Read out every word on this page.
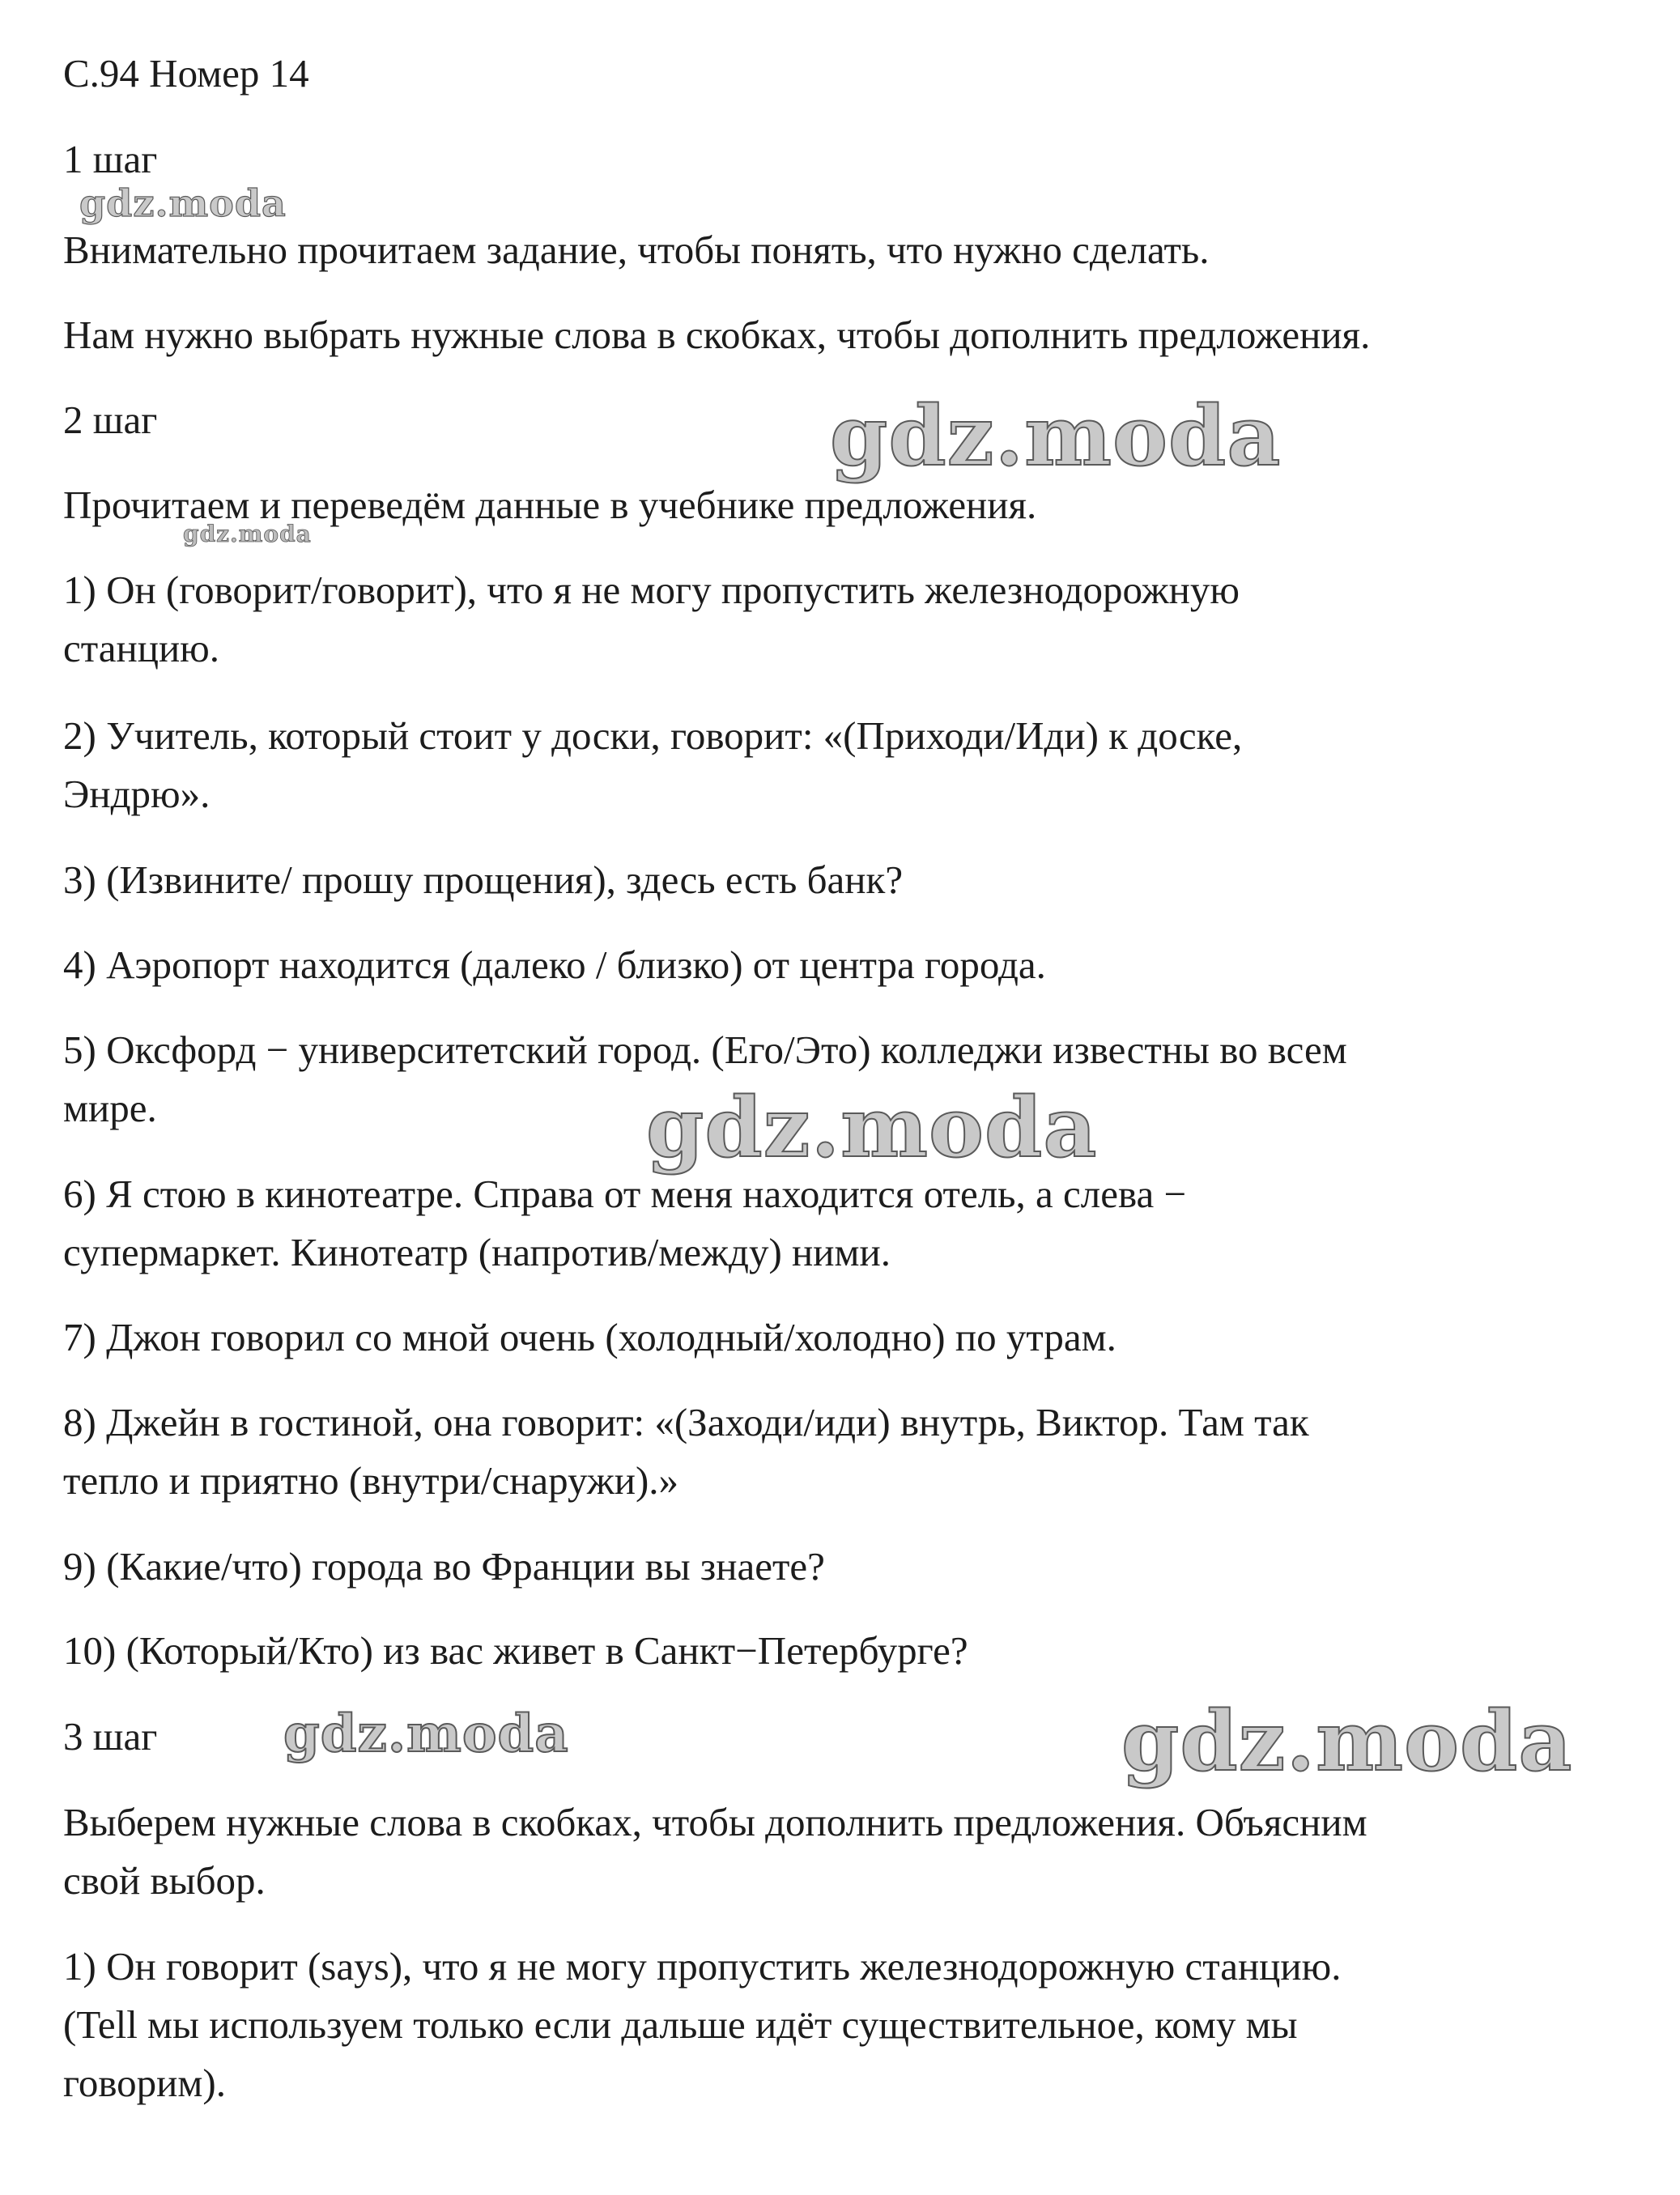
С.94 Номер 14

1 шаг

Внимательно прочитаем задание, чтобы понять, что нужно сделать.

Нам нужно выбрать нужные слова в скобках, чтобы дополнить предложения.

2 шаг

Прочитаем и переведём данные в учебнике предложения.

1) Он (говорит/говорит), что я не могу пропустить железнодорожную

станцию.

2) Учитель, который стоит у доски, говорит: «(Приходи/Иди) к доске,

Эндрю».

3) (Извините/ прошу прощения), здесь есть банк?

4) Аэропорт находится (далеко / близко) от центра города.

5) Оксфорд − университетский город. (Его/Это) колледжи известны во всем

мире.

6) Я стою в кинотеатре. Справа от меня находится отель, а слева −

супермаркет. Кинотеатр (напротив/между) ними.

7) Джон говорил со мной очень (холодный/холодно) по утрам.

8) Джейн в гостиной, она говорит: «(Заходи/иди) внутрь, Виктор. Там так

тепло и приятно (внутри/снаружи).»

9) (Какие/что) города во Франции вы знаете?

10) (Который/Кто) из вас живет в Санкт−Петербурге?

3 шаг

Выберем нужные слова в скобках, чтобы дополнить предложения. Объясним

свой выбор.

1) Он говорит (says), что я не могу пропустить железнодорожную станцию.

(Tell мы используем только если дальше идёт существительное, кому мы

говорим).

gdz.moda
gdz.moda
gdz.moda
gdz.moda
gdz.moda	gdz.moda
